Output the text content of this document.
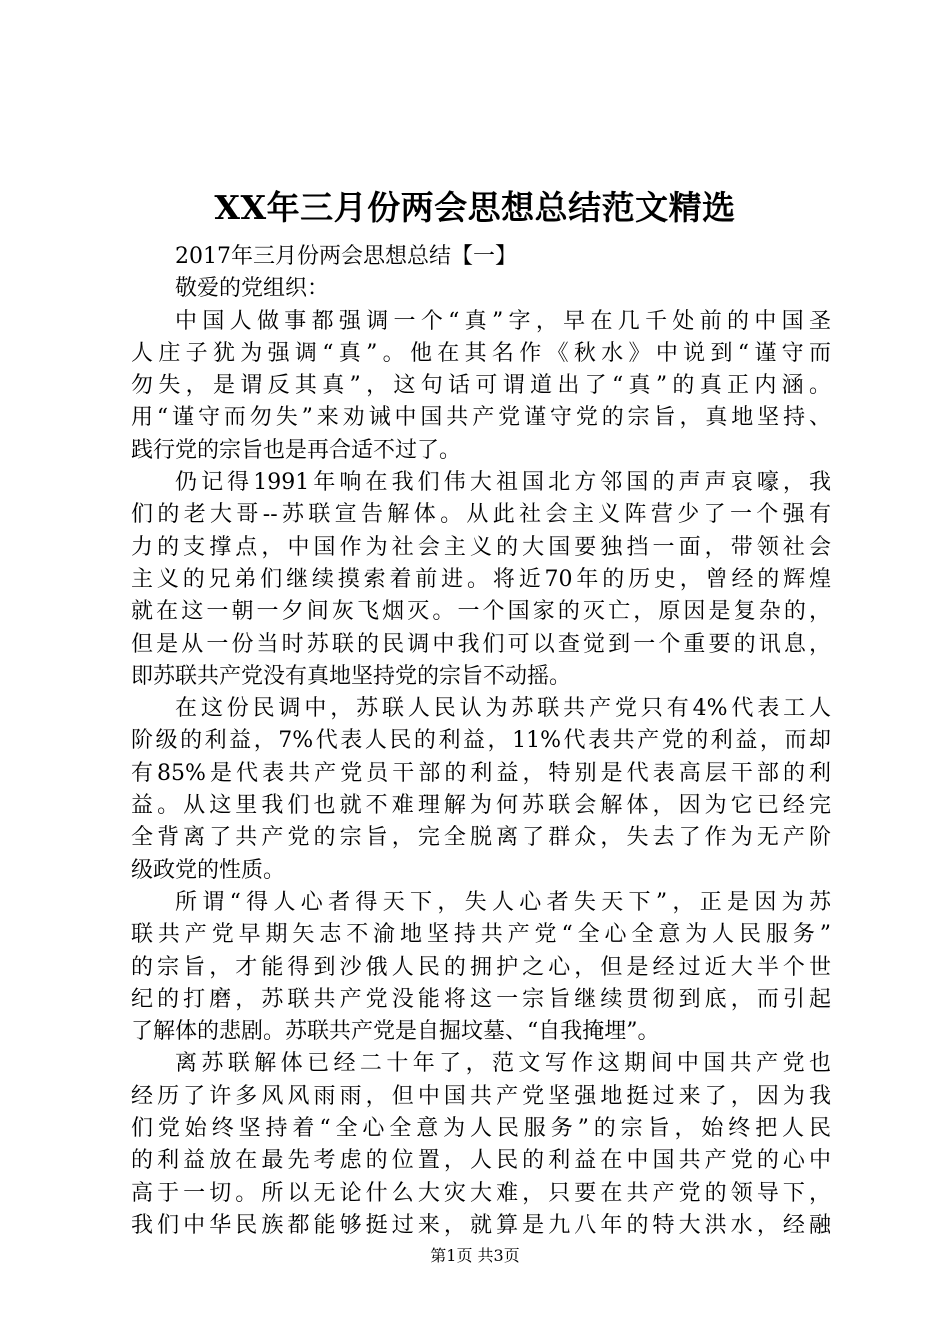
XX年三月份两会思想总结范文精选
2017年三月份两会思想总结【一】
敬爱的党组织：
中国人做事都强调一个“真”字，早在几千处前的中国圣
人庄子犹为强调“真”。他在其名作《秋水》中说到“谨守而
勿失，是谓反其真”，这句话可谓道出了“真”的真正内涵。
用“谨守而勿失”来劝诫中国共产党谨守党的宗旨，真地坚持、
践行党的宗旨也是再合适不过了。
仍记得1991年响在我们伟大祖国北方邻国的声声哀嚎，我
们的老大哥--苏联宣告解体。从此社会主义阵营少了一个强有
力的支撑点，中国作为社会主义的大国要独挡一面，带领社会
主义的兄弟们继续摸索着前进。将近70年的历史，曾经的辉煌
就在这一朝一夕间灰飞烟灭。一个国家的灭亡，原因是复杂的，
但是从一份当时苏联的民调中我们可以查觉到一个重要的讯息，
即苏联共产党没有真地坚持党的宗旨不动摇。
在这份民调中，苏联人民认为苏联共产党只有4%代表工人
阶级的利益，7%代表人民的利益，11%代表共产党的利益，而却
有85%是代表共产党员干部的利益，特别是代表高层干部的利
益。从这里我们也就不难理解为何苏联会解体，因为它已经完
全背离了共产党的宗旨，完全脱离了群众，失去了作为无产阶
级政党的性质。
所谓“得人心者得天下，失人心者失天下”，正是因为苏
联共产党早期矢志不渝地坚持共产党“全心全意为人民服务”
的宗旨，才能得到沙俄人民的拥护之心，但是经过近大半个世
纪的打磨，苏联共产党没能将这一宗旨继续贯彻到底，而引起
了解体的悲剧。苏联共产党是自掘坟墓、“自我掩埋”。
离苏联解体已经二十年了，范文写作这期间中国共产党也
经历了许多风风雨雨，但中国共产党坚强地挺过来了，因为我
们党始终坚持着“全心全意为人民服务”的宗旨，始终把人民
的利益放在最先考虑的位置，人民的利益在中国共产党的心中
高于一切。所以无论什么大灾大难，只要在共产党的领导下，
我们中华民族都能够挺过来，就算是九八年的特大洪水，经融
第1页 共3页
